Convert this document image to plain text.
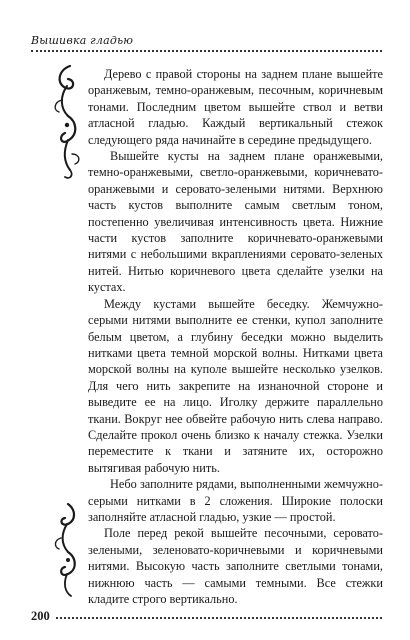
Вышивка гладью

Дерево с правой стороны на заднем плане вышейте оранжевым, темно-оранжевым, песочным, коричневым тонами. Последним цветом вышейте ствол и ветви атласной гладью. Каждый вертикальный стежок следующего ряда начинайте в середине предыдущего.

Вышейте кусты на заднем плане оранжевыми, темно-оранжевыми, светло-оранжевыми, коричневато-оранжевыми и серовато-зелеными нитями. Верхнюю часть кустов выполните самым светлым тоном, постепенно увеличивая интенсивность цвета. Нижние части кустов заполните коричневато-оранжевыми нитями с небольшими вкраплениями серовато-зеленых нитей. Нитью коричневого цвета сделайте узелки на кустах.

Между кустами вышейте беседку. Жемчужно-серыми нитями выполните ее стенки, купол заполните белым цветом, а глубину беседки можно выделить нитками цвета темной морской волны. Нитками цвета морской волны на куполе вышейте несколько узелков. Для чего нить закрепите на изнаночной стороне и выведите ее на лицо. Иголку держите параллельно ткани. Вокруг нее обвейте рабочую нить слева направо. Сделайте прокол очень близко к началу стежка. Узелки переместите к ткани и затяните их, осторожно вытягивая рабочую нить.

Небо заполните рядами, выполненными жемчужно-серыми нитками в 2 сложения. Широкие полоски заполняйте атласной гладью, узкие — простой.

Поле перед рекой вышейте песочными, серовато-зелеными, зеленовато-коричневыми и коричневыми нитями. Высокую часть заполните светлыми тонами, нижнюю часть — самыми темными. Все стежки кладите строго вертикально.

200
